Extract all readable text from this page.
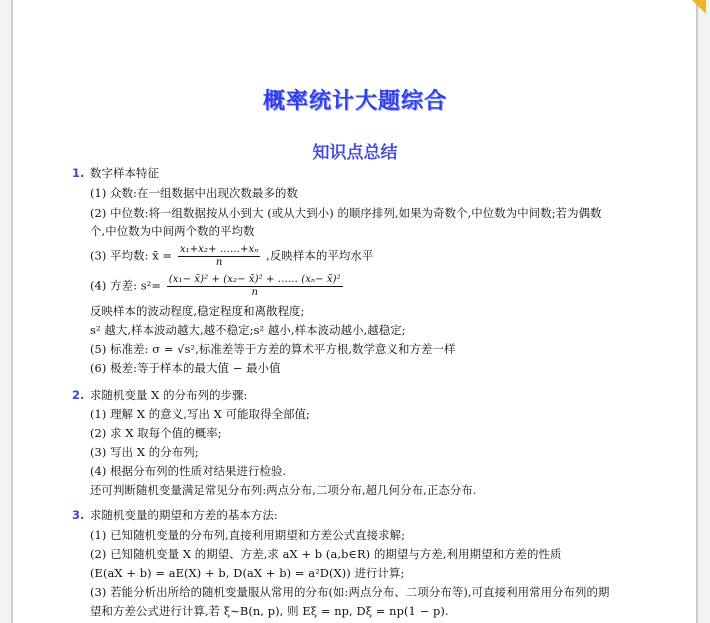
概率统计大题综合
知识点总结
1. 数字样本特征
(1) 众数:在一组数据中出现次数最多的数
(2) 中位数:将一组数据按从小到大 (或从大到小) 的顺序排列,如果为奇数个,中位数为中间数;若为偶数
个,中位数为中间两个数的平均数
(3) 平均数: x̄ = $\frac{\text{x₁+x₂+ ……+xₙ}}{n}$ ,反映样本的平均水平
(4) 方差: $s^2= \frac{\text{(x₁− x̄)² + (x₂− x̄)² + …… (xₙ− x̄)²}}{n}$
反映样本的波动程度,稳定程度和离散程度;
s² 越大,样本波动越大,越不稳定;s² 越小,样本波动越小,越稳定;
(5) 标准差: σ = √s²,标准差等于方差的算术平方根,数学意义和方差一样
(6) 极差:等于样本的最大值 − 最小值
2. 求随机变量 X 的分布列的步骤:
(1) 理解 X 的意义,写出 X 可能取得全部值;
(2) 求 X 取每个值的概率;
(3) 写出 X 的分布列;
(4) 根据分布列的性质对结果进行检验.
还可判断随机变量满足常见分布列:两点分布,二项分布,超几何分布,正态分布.
3. 求随机变量的期望和方差的基本方法:
(1) 已知随机变量的分布列,直接利用期望和方差公式直接求解;
(2) 已知随机变量 X 的期望、方差,求 aX + b (a,b∈R) 的期望与方差,利用期望和方差的性质
(E(aX + b) = aE(X) + b, D(aX + b) = a²D(X)) 进行计算;
(3) 若能分析出所给的随机变量服从常用的分布(如:两点分布、二项分布等),可直接利用常用分布列的期
望和方差公式进行计算,若 ξ∼B(n, p), 则 Eξ = np, Dξ = np(1 − p).
